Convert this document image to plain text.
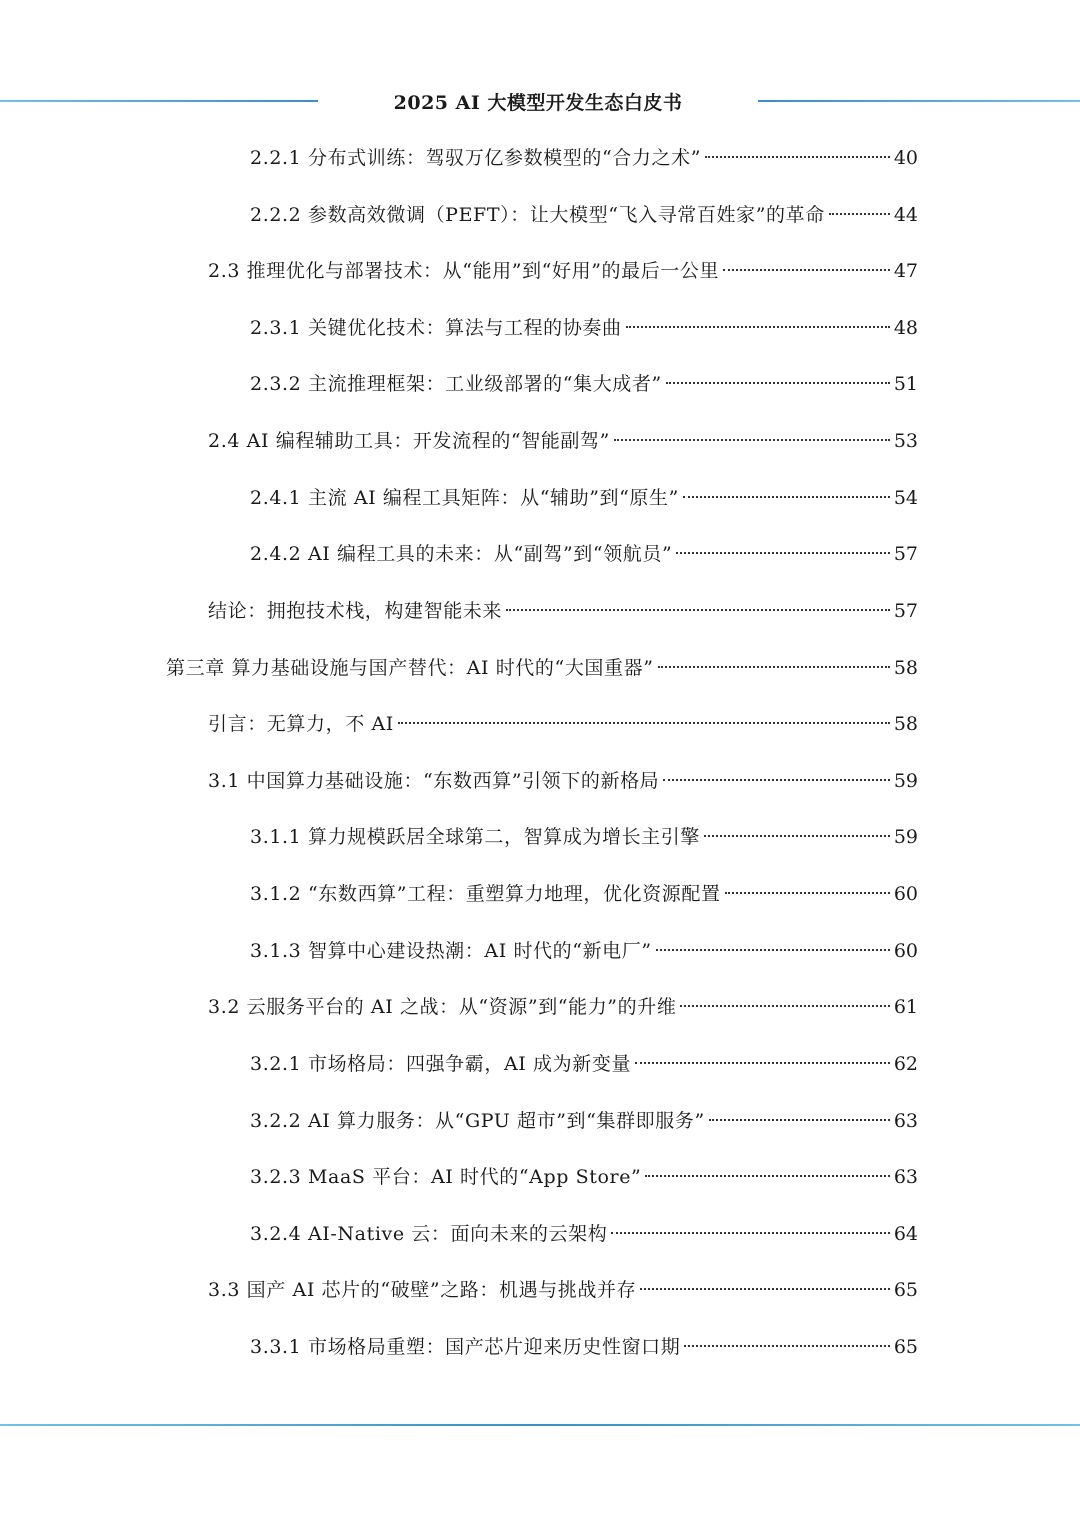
2025 AI 大模型开发生态白皮书
2.2.1 分布式训练：驾驭万亿参数模型的“合力之术”	40
2.2.2 参数高效微调（PEFT）：让大模型“飞入寻常百姓家”的革命	44
2.3 推理优化与部署技术：从“能用”到“好用”的最后一公里	47
2.3.1 关键优化技术：算法与工程的协奏曲	48
2.3.2 主流推理框架：工业级部署的“集大成者”	51
2.4 AI 编程辅助工具：开发流程的“智能副驾”	53
2.4.1 主流 AI 编程工具矩阵：从“辅助”到“原生”	54
2.4.2 AI 编程工具的未来：从“副驾”到“领航员”	57
结论：拥抱技术栈，构建智能未来	57
第三章 算力基础设施与国产替代：AI 时代的“大国重器”	58
引言：无算力，不 AI	58
3.1 中国算力基础设施：“东数西算”引领下的新格局	59
3.1.1 算力规模跃居全球第二，智算成为增长主引擎	59
3.1.2 “东数西算”工程：重塑算力地理，优化资源配置	60
3.1.3 智算中心建设热潮：AI 时代的“新电厂”	60
3.2 云服务平台的 AI 之战：从“资源”到“能力”的升维	61
3.2.1 市场格局：四强争霸，AI 成为新变量	62
3.2.2 AI 算力服务：从“GPU 超市”到“集群即服务”	63
3.2.3 MaaS 平台：AI 时代的“App Store”	63
3.2.4 AI-Native 云：面向未来的云架构	64
3.3 国产 AI 芯片的“破壁”之路：机遇与挑战并存	65
3.3.1 市场格局重塑：国产芯片迎来历史性窗口期	65
